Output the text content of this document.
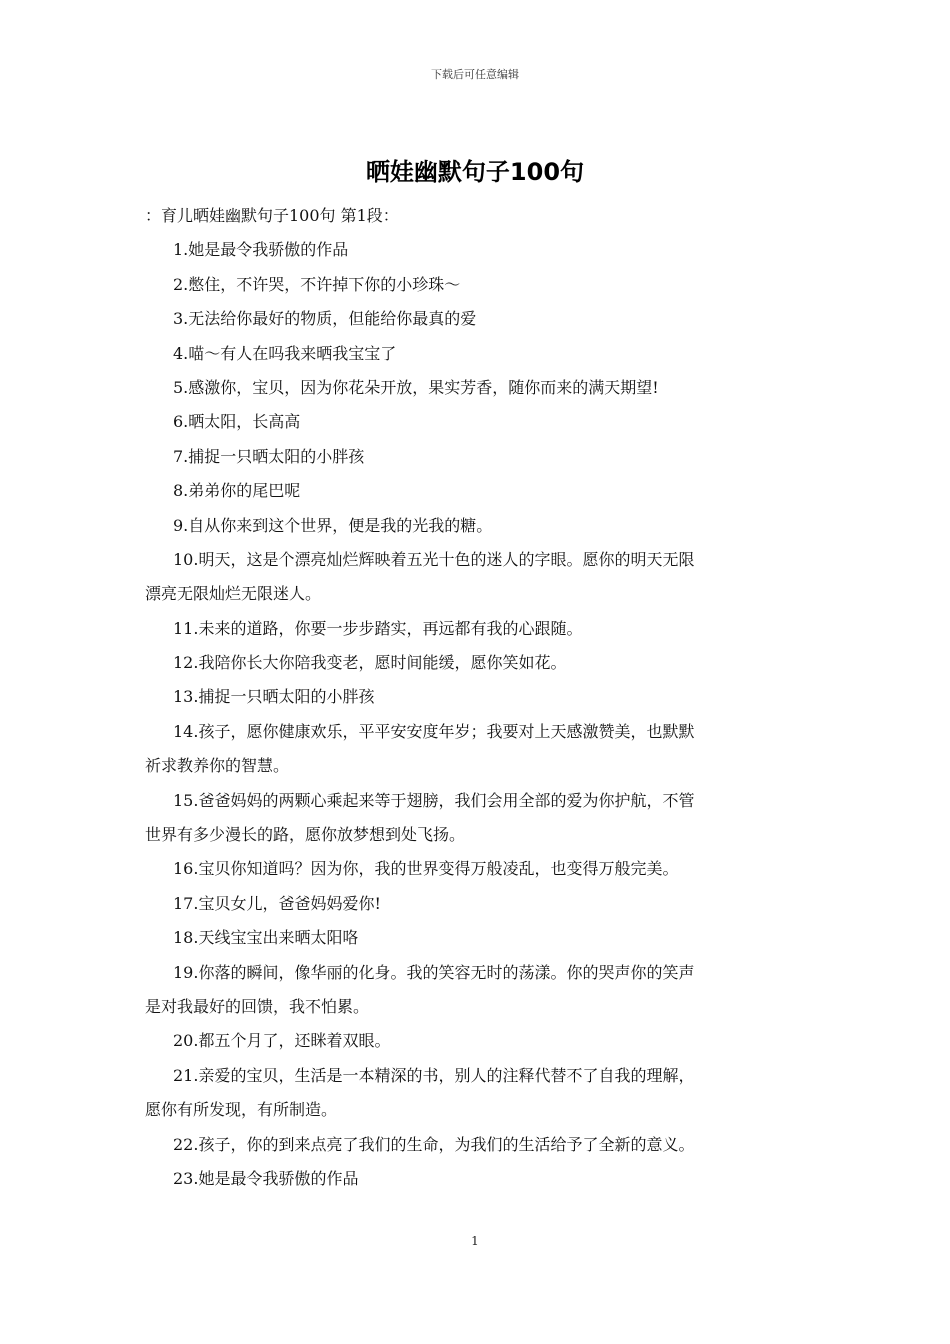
下载后可任意编辑
晒娃幽默句子100句
：育儿晒娃幽默句子100句 第1段：
1.她是最令我骄傲的作品
2.憋住，不许哭，不许掉下你的小珍珠～
3.无法给你最好的物质，但能给你最真的爱
4.喵～有人在吗我来晒我宝宝了
5.感激你，宝贝，因为你花朵开放，果实芳香，随你而来的满天期望!
6.晒太阳，长高高
7.捕捉一只晒太阳的小胖孩
8.弟弟你的尾巴呢
9.自从你来到这个世界，便是我的光我的糖。
10.明天，这是个漂亮灿烂辉映着五光十色的迷人的字眼。愿你的明天无限
漂亮无限灿烂无限迷人。
11.未来的道路，你要一步步踏实，再远都有我的心跟随。
12.我陪你长大你陪我变老，愿时间能缓，愿你笑如花。
13.捕捉一只晒太阳的小胖孩
14.孩子，愿你健康欢乐，平平安安度年岁；我要对上天感激赞美，也默默
祈求教养你的智慧。
15.爸爸妈妈的两颗心乘起来等于翅膀，我们会用全部的爱为你护航，不管
世界有多少漫长的路，愿你放梦想到处飞扬。
16.宝贝你知道吗？因为你，我的世界变得万般凌乱，也变得万般完美。
17.宝贝女儿，爸爸妈妈爱你!
18.天线宝宝出来晒太阳咯
19.你落的瞬间，像华丽的化身。我的笑容无时的荡漾。你的哭声你的笑声
是对我最好的回馈，我不怕累。
20.都五个月了，还眯着双眼。
21.亲爱的宝贝，生活是一本精深的书，别人的注释代替不了自我的理解，
愿你有所发现，有所制造。
22.孩子，你的到来点亮了我们的生命，为我们的生活给予了全新的意义。
23.她是最令我骄傲的作品
1
